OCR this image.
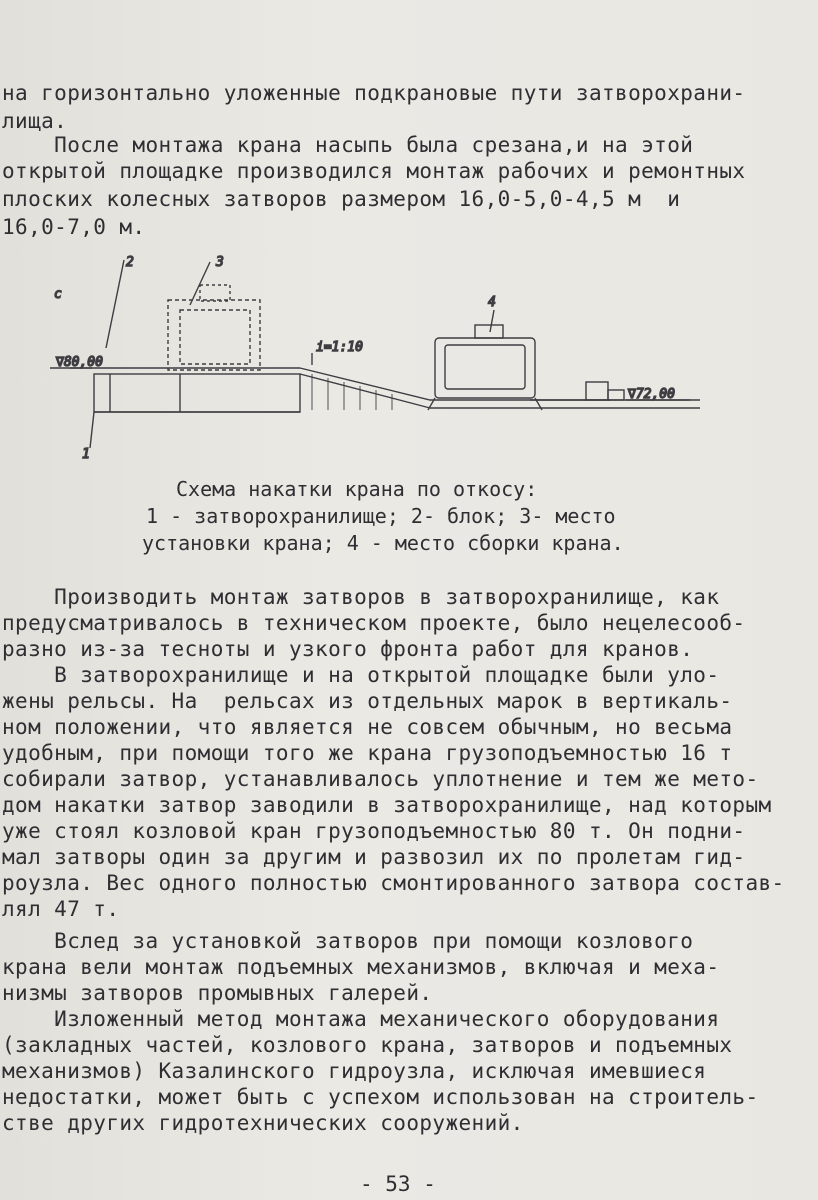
на горизонтально уложенные подкрановые пути затворохрани-
лища.
После монтажа крана насыпь была срезана,и на этой
открытой площадке производился монтаж рабочих и ремонтных
плоских колесных затворов размером 16,0-5,0-4,5 м  и
16,0-7,0 м.
с
i=1:10
∇80,00
∇72,00
1
2	3
4
Схема накатки крана по откосу:
1 - затворохранилище; 2- блок; 3- место
установки крана; 4 - место сборки крана.
Производить монтаж затворов в затворохранилище, как
предусматривалось в техническом проекте, было нецелесооб-
разно из-за тесноты и узкого фронта работ для кранов.
В затворохранилище и на открытой площадке были уло-
жены рельсы. На  рельсах из отдельных марок в вертикаль-
ном положении, что является не совсем обычным, но весьма
удобным, при помощи того же крана грузоподъемностью 16 т
собирали затвор, устанавливалось уплотнение и тем же мето-
дом накатки затвор заводили в затворохранилище, над которым
уже стоял козловой кран грузоподъемностью 80 т. Он подни-
мал затворы один за другим и развозил их по пролетам гид-
роузла. Вес одного полностью смонтированного затвора состав-
лял 47 т.
Вслед за установкой затворов при помощи козлового
крана вели монтаж подъемных механизмов, включая и меха-
низмы затворов промывных галерей.
Изложенный метод монтажа механического оборудования
(закладных частей, козлового крана, затворов и подъемных
механизмов) Казалинского гидроузла, исключая имевшиеся
недостатки, может быть с успехом использован на строитель-
стве других гидротехнических сооружений.
- 53 -
